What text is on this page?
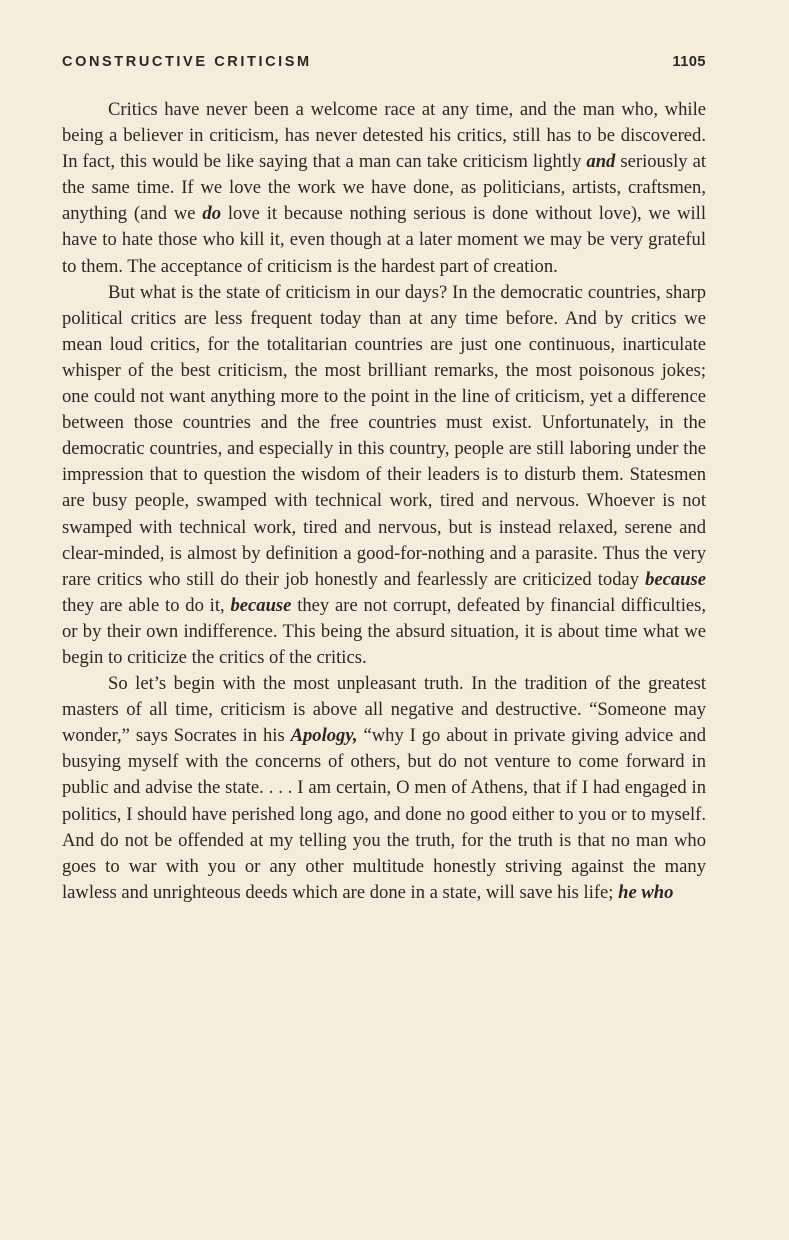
CONSTRUCTIVE CRITICISM	1105

Critics have never been a welcome race at any time, and the man who, while being a believer in criticism, has never detested his critics, still has to be discovered. In fact, this would be like saying that a man can take criticism lightly and seriously at the same time. If we love the work we have done, as politicians, artists, craftsmen, anything (and we do love it because nothing serious is done without love), we will have to hate those who kill it, even though at a later moment we may be very grateful to them. The acceptance of criticism is the hardest part of creation.

But what is the state of criticism in our days? In the democratic countries, sharp political critics are less frequent today than at any time before. And by critics we mean loud critics, for the totalitarian countries are just one continuous, inarticulate whisper of the best criticism, the most brilliant remarks, the most poisonous jokes; one could not want anything more to the point in the line of criticism, yet a difference between those countries and the free countries must exist. Unfortunately, in the democratic countries, and especially in this country, people are still laboring under the impression that to question the wisdom of their leaders is to disturb them. Statesmen are busy people, swamped with technical work, tired and nervous. Whoever is not swamped with technical work, tired and nervous, but is instead relaxed, serene and clear-minded, is almost by definition a good-for-nothing and a parasite. Thus the very rare critics who still do their job honestly and fearlessly are criticized today because they are able to do it, because they are not corrupt, defeated by financial difficulties, or by their own indifference. This being the absurd situation, it is about time what we begin to criticize the critics of the critics.

So let’s begin with the most unpleasant truth. In the tradition of the greatest masters of all time, criticism is above all negative and destructive. “Someone may wonder,” says Socrates in his Apology, “why I go about in private giving advice and busying myself with the concerns of others, but do not venture to come forward in public and advise the state. . . . I am certain, O men of Athens, that if I had engaged in politics, I should have perished long ago, and done no good either to you or to myself. And do not be offended at my telling you the truth, for the truth is that no man who goes to war with you or any other multitude honestly striving against the many lawless and unrighteous deeds which are done in a state, will save his life; he who
